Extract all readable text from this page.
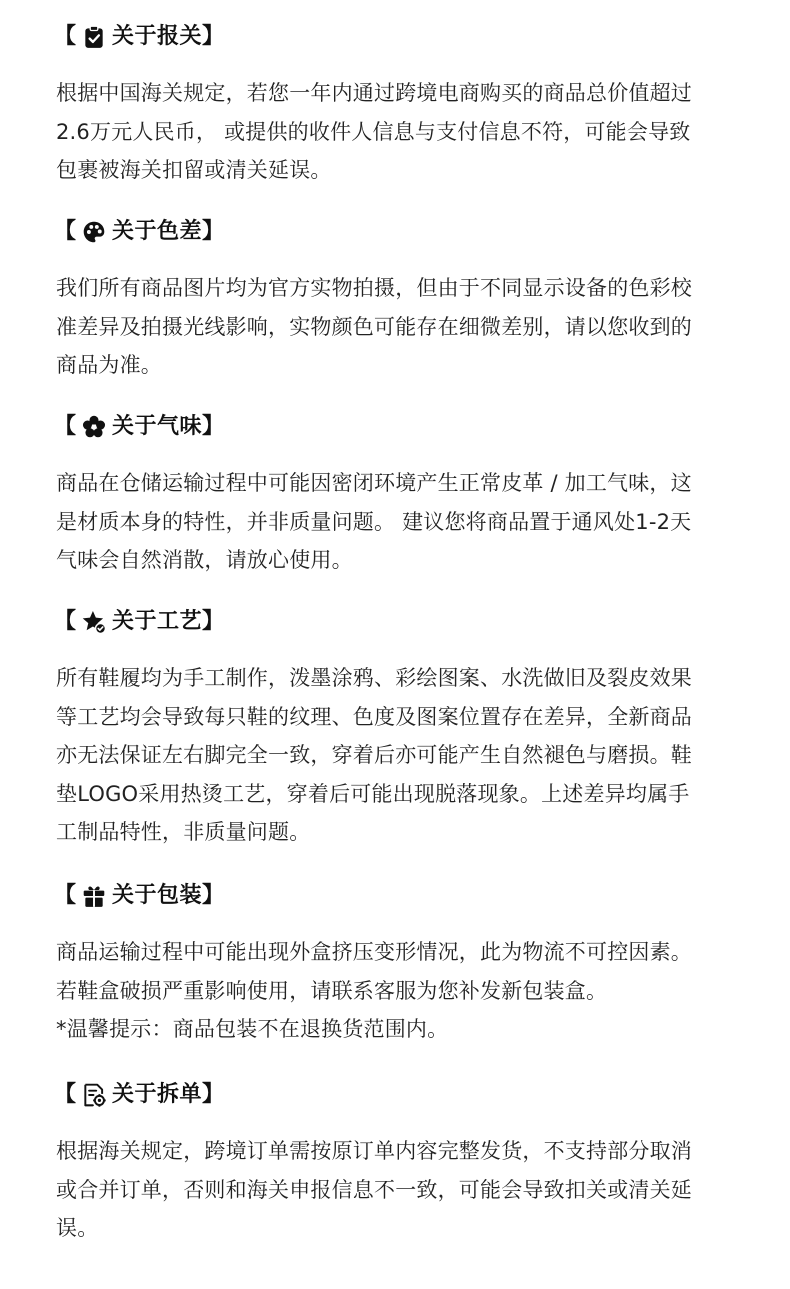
【 关于报关 】
根据中国海关规定，若您一年内通过跨境电商购买的商品总价值超过
2.6万元人民币， 或提供的收件人信息与支付信息不符，可能会导致
包裹被海关扣留或清关延误。
【 关于色差 】
我们所有商品图片均为官方实物拍摄，但由于不同显示设备的色彩校
准差异及拍摄光线影响，实物颜色可能存在细微差别，请以您收到的
商品为准。
【 关于气味 】
商品在仓储运输过程中可能因密闭环境产生正常皮革 / 加工气味，这
是材质本身的特性，并非质量问题。 建议您将商品置于通风处1-2天
气味会自然消散，请放心使用。
【 关于工艺 】
所有鞋履均为手工制作，泼墨涂鸦、彩绘图案、水洗做旧及裂皮效果
等工艺均会导致每只鞋的纹理、色度及图案位置存在差异，全新商品
亦无法保证左右脚完全一致，穿着后亦可能产生自然褪色与磨损。鞋
垫LOGO采用热烫工艺，穿着后可能出现脱落现象。上述差异均属手
工制品特性，非质量问题。
【 关于包装 】
商品运输过程中可能出现外盒挤压变形情况，此为物流不可控因素。
若鞋盒破损严重影响使用，请联系客服为您补发新包装盒。
*温馨提示：商品包装不在退换货范围内。
【 关于拆单 】
根据海关规定，跨境订单需按原订单内容完整发货，不支持部分取消
或合并订单，否则和海关申报信息不一致，可能会导致扣关或清关延
误。
